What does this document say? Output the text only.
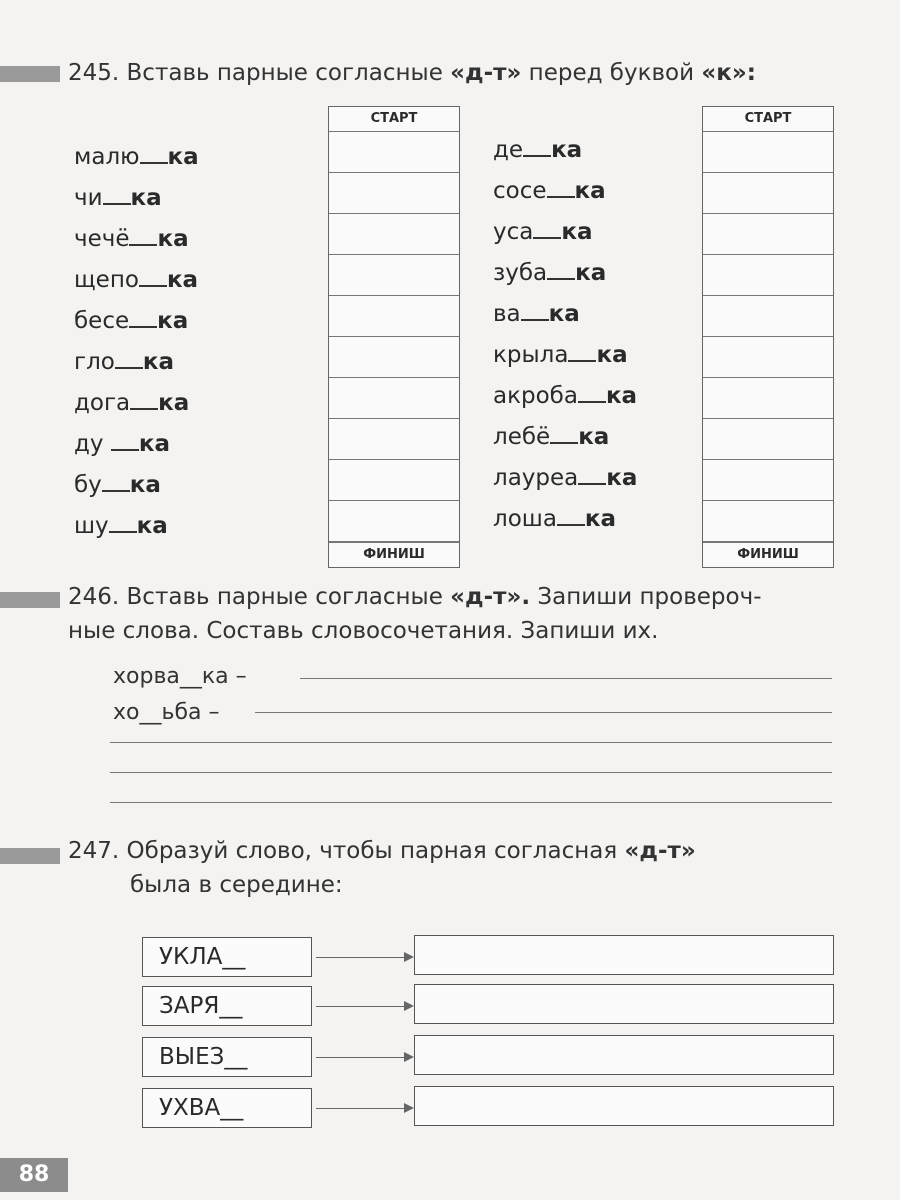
245. Вставь парные согласные «д-т» перед буквой «к»:
малю ка
чи ка
чечё ка
щепо ка
бесе ка
гло ка
дога ка
ду ка
бу ка
шу ка
СТАРТ
ФИНИШ
де ка
сосе ка
уса ка
зуба ка
ва ка
крыла ка
акроба ка
лебё ка
лауреа ка
лоша ка
СТАРТ
ФИНИШ
246. Вставь парные согласные «д-т». Запиши провероч-
ные слова. Составь словосочетания. Запиши их.
хорва__ка –
хо__ьба –
247. Образуй слово, чтобы парная согласная «д-т»
была в середине:
УКЛА__
ЗАРЯ__
ВЫЕЗ__
УХВА__
88
